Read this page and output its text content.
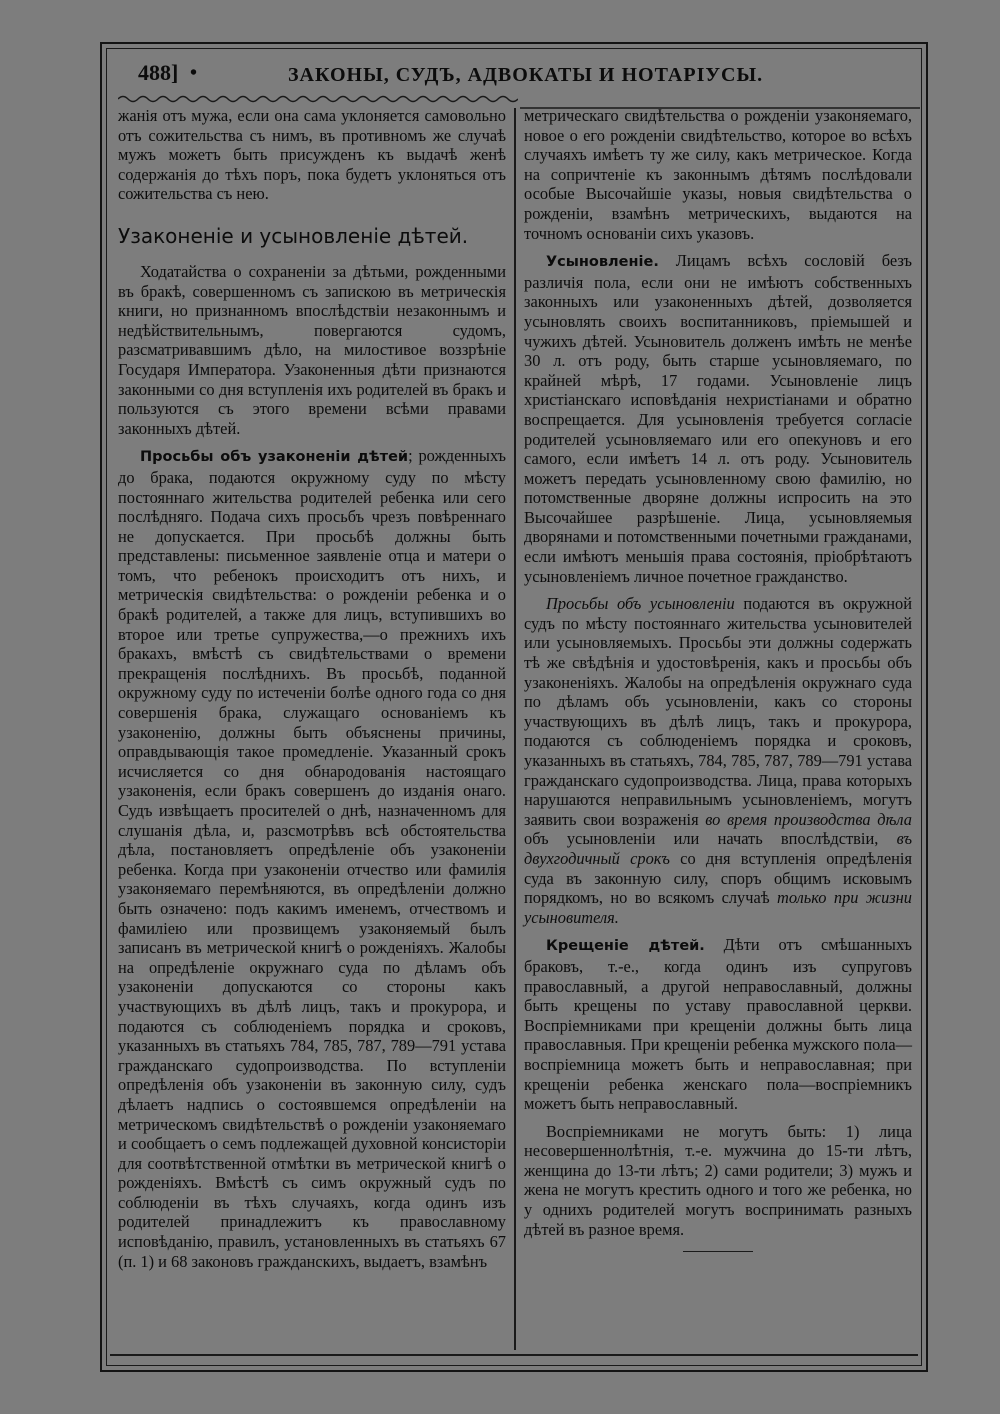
488] •	ЗАКОНЫ, СУДЪ, АДВОКАТЫ И НОТАРІУСЫ.

жанія отъ мужа, если она сама уклоняется самовольно отъ сожительства съ нимъ, въ противномъ же случаѣ мужъ можетъ быть присужденъ къ выдачѣ женѣ содержанія до тѣхъ поръ, пока будетъ уклоняться отъ сожительства съ нею.

Узаконеніе и усыновленіе дѣтей.

Ходатайства о сохраненіи за дѣтьми, рожденными въ бракѣ, совершенномъ съ запискою въ метрическія книги, но признанномъ впослѣдствіи незаконнымъ и недѣйствительнымъ, повергаются судомъ, разсматривавшимъ дѣло, на милостивое воззрѣніе Государя Императора. Узаконенныя дѣти признаются законными со дня вступленія ихъ родителей въ бракъ и пользуются съ этого времени всѣми правами законныхъ дѣтей.

Просьбы объ узаконеніи дѣтей; рожденныхъ до брака, подаются окружному суду по мѣсту постояннаго жительства родителей ребенка или сего послѣдняго. Подача сихъ просьбъ чрезъ повѣреннаго не допускается. При просьбѣ должны быть представлены: письменное заявленіе отца и матери о томъ, что ребенокъ происходитъ отъ нихъ, и метрическія свидѣтельства: о рожденіи ребенка и о бракѣ родителей, а также для лицъ, вступившихъ во второе или третье супружества,—о прежнихъ ихъ бракахъ, вмѣстѣ съ свидѣтельствами о времени прекращенія послѣднихъ. Въ просьбѣ, поданной окружному суду по истеченіи болѣе одного года со дня совершенія брака, служащаго основаніемъ къ узаконенію, должны быть объяснены причины, оправдывающія такое промедленіе. Указанный срокъ исчисляется со дня обнародованія настоящаго узаконенія, если бракъ совершенъ до изданія онаго. Судъ извѣщаетъ просителей о днѣ, назначенномъ для слушанія дѣла, и, разсмотрѣвъ всѣ обстоятельства дѣла, постановляетъ опредѣленіе объ узаконеніи ребенка. Когда при узаконеніи отчество или фамилія узаконяемаго перемѣняются, въ опредѣленіи должно быть означено: подъ какимъ именемъ, отчествомъ и фамиліею или прозвищемъ узаконяемый былъ записанъ въ метрической книгѣ о рожденіяхъ. Жалобы на опредѣленіе окружнаго суда по дѣламъ объ узаконеніи допускаются со стороны какъ участвующихъ въ дѣлѣ лицъ, такъ и прокурора, и подаются съ соблюденіемъ порядка и сроковъ, указанныхъ въ статьяхъ 784, 785, 787, 789—791 устава гражданскаго судопроизводства. По вступленіи опредѣленія объ узаконеніи въ законную силу, судъ дѣлаетъ надпись о состоявшемся опредѣленіи на метрическомъ свидѣтельствѣ о рожденіи узаконяемаго и сообщаетъ о семъ подлежащей духовной консисторіи для соотвѣтственной отмѣтки въ метрической книгѣ о рожденіяхъ. Вмѣстѣ съ симъ окружный судъ по соблюденіи въ тѣхъ случаяхъ, когда одинъ изъ родителей принадлежитъ къ православному исповѣданію, правилъ, установленныхъ въ статьяхъ 67 (п. 1) и 68 законовъ гражданскихъ, выдаетъ, взамѣнъ

метрическаго свидѣтельства о рожденіи узаконяемаго, новое о его рожденіи свидѣтельство, которое во всѣхъ случаяхъ имѣетъ ту же силу, какъ метрическое. Когда на сопричтеніе къ законнымъ дѣтямъ послѣдовали особые Высочайшіе указы, новыя свидѣтельства о рожденіи, взамѣнъ метрическихъ, выдаются на точномъ основаніи сихъ указовъ.

Усыновленіе. Лицамъ всѣхъ сословій безъ различія пола, если они не имѣютъ собственныхъ законныхъ или узаконенныхъ дѣтей, дозволяется усыновлять своихъ воспитанниковъ, пріемышей и чужихъ дѣтей. Усыновитель долженъ имѣть не менѣе 30 л. отъ роду, быть старше усыновляемаго, по крайней мѣрѣ, 17 годами. Усыновленіе лицъ христіанскаго исповѣданія нехристіанами и обратно воспрещается. Для усыновленія требуется согласіе родителей усыновляемаго или его опекуновъ и его самого, если имѣетъ 14 л. отъ роду. Усыновитель можетъ передать усыновленному свою фамилію, но потомственные дворяне должны испросить на это Высочайшее разрѣшеніе. Лица, усыновляемыя дворянами и потомственными почетными гражданами, если имѣютъ меньшія права состоянія, пріобрѣтаютъ усыновленіемъ личное почетное гражданство.

Просьбы объ усыновленіи подаются въ окружной судъ по мѣсту постояннаго жительства усыновителей или усыновляемыхъ. Просьбы эти должны содержать тѣ же свѣдѣнія и удостовѣренія, какъ и просьбы объ узаконеніяхъ. Жалобы на опредѣленія окружнаго суда по дѣламъ объ усыновленіи, какъ со стороны участвующихъ въ дѣлѣ лицъ, такъ и прокурора, подаются съ соблюденіемъ порядка и сроковъ, указанныхъ въ статьяхъ, 784, 785, 787, 789—791 устава гражданскаго судопроизводства. Лица, права которыхъ нарушаются неправильнымъ усыновленіемъ, могутъ заявить свои возраженія во время производства дѣла объ усыновленіи или начать впослѣдствіи, въ двухгодичный срокъ со дня вступленія опредѣленія суда въ законную силу, споръ общимъ исковымъ порядкомъ, но во всякомъ случаѣ только при жизни усыновителя.

Крещеніе дѣтей. Дѣти отъ смѣшанныхъ браковъ, т.-е., когда одинъ изъ супруговъ православный, а другой неправославный, должны быть крещены по уставу православной церкви. Воспріемниками при крещеніи должны быть лица православныя. При крещеніи ребенка мужского пола—воспріемница можетъ быть и неправославная; при крещеніи ребенка женскаго пола—воспріемникъ можетъ быть неправославный.

Воспріемниками не могутъ быть: 1) лица несовершеннолѣтнія, т.-е. мужчина до 15-ти лѣтъ, женщина до 13-ти лѣтъ; 2) сами родители; 3) мужъ и жена не могутъ крестить одного и того же ребенка, но у однихъ родителей могутъ воспринимать разныхъ дѣтей въ разное время.
